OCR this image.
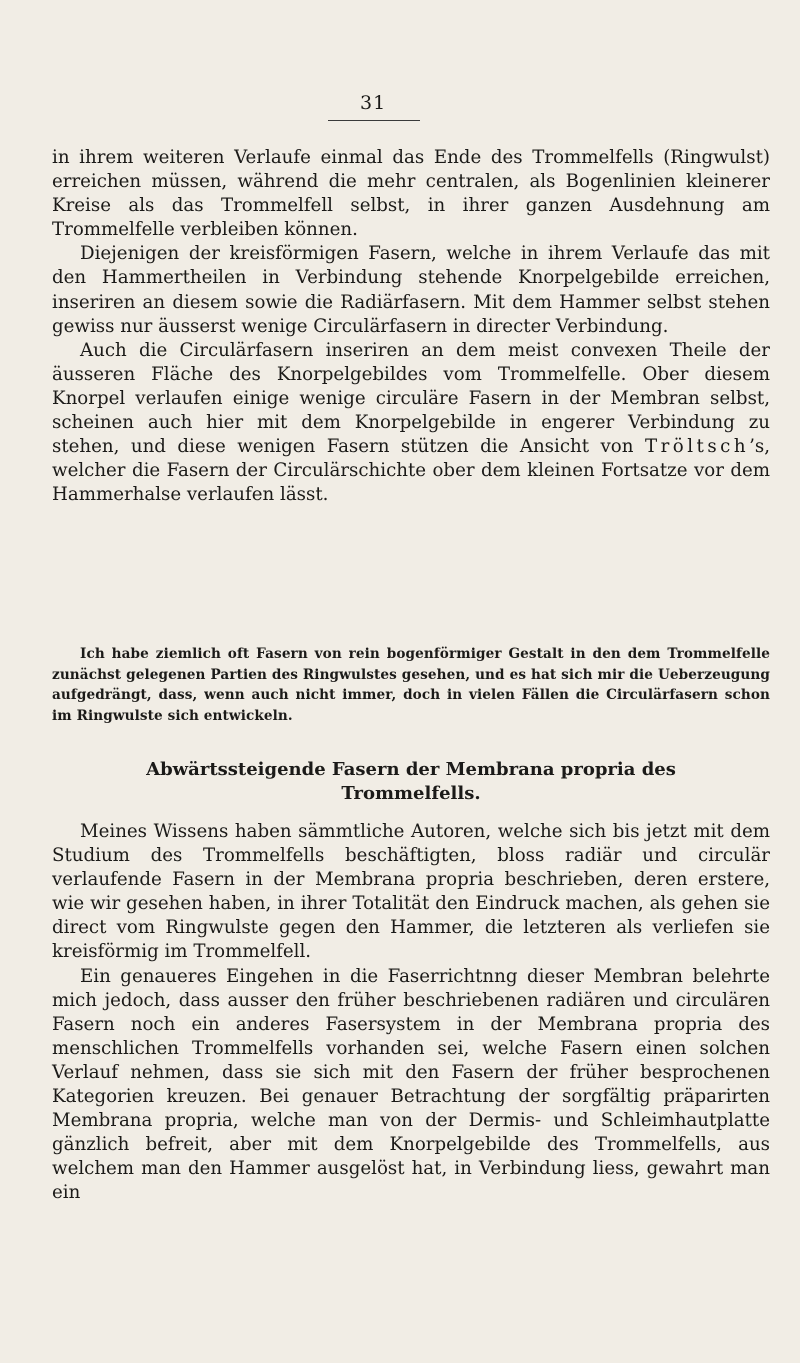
31

in ihrem weiteren Verlaufe einmal das Ende des Trommelfells (Ringwulst) erreichen müssen, während die mehr centralen, als Bogenlinien kleinerer Kreise als das Trommelfell selbst, in ihrer ganzen Ausdehnung am Trommelfelle verbleiben können.

Diejenigen der kreisförmigen Fasern, welche in ihrem Verlaufe das mit den Hammertheilen in Verbindung stehende Knorpelgebilde erreichen, inseriren an diesem sowie die Radiärfasern. Mit dem Hammer selbst stehen gewiss nur äusserst wenige Circulärfasern in directer Verbindung.

Auch die Circulärfasern inseriren an dem meist convexen Theile der äusseren Fläche des Knorpelgebildes vom Trommelfelle. Ober diesem Knorpel verlaufen einige wenige circuläre Fasern in der Membran selbst, scheinen auch hier mit dem Knorpelgebilde in engerer Verbindung zu stehen, und diese wenigen Fasern stützen die Ansicht von Tröltsch’s, welcher die Fasern der Circulärschichte ober dem kleinen Fortsatze vor dem Hammerhalse verlaufen lässt.

Ich habe ziemlich oft Fasern von rein bogenförmiger Gestalt in den dem Trommelfelle zunächst gelegenen Partien des Ringwulstes gesehen, und es hat sich mir die Ueberzeugung aufgedrängt, dass, wenn auch nicht immer, doch in vielen Fällen die Circulärfasern schon im Ringwulste sich entwickeln.

Abwärtssteigende Fasern der Membrana propria des
Trommelfells.

Meines Wissens haben sämmtliche Autoren, welche sich bis jetzt mit dem Studium des Trommelfells beschäftigten, bloss radiär und circulär verlaufende Fasern in der Membrana propria beschrieben, deren erstere, wie wir gesehen haben, in ihrer Totalität den Eindruck machen, als gehen sie direct vom Ringwulste gegen den Hammer, die letzteren als verliefen sie kreisförmig im Trommelfell.

Ein genaueres Eingehen in die Faserrichtnng dieser Membran belehrte mich jedoch, dass ausser den früher beschriebenen radiären und circulären Fasern noch ein anderes Fasersystem in der Membrana propria des menschlichen Trommelfells vorhanden sei, welche Fasern einen solchen Verlauf nehmen, dass sie sich mit den Fasern der früher besprochenen Kategorien kreuzen. Bei genauer Betrachtung der sorgfältig präparirten Membrana propria, welche man von der Dermis- und Schleimhautplatte gänzlich befreit, aber mit dem Knorpelgebilde des Trommelfells, aus welchem man den Hammer ausgelöst hat, in Verbindung liess, gewahrt man ein
